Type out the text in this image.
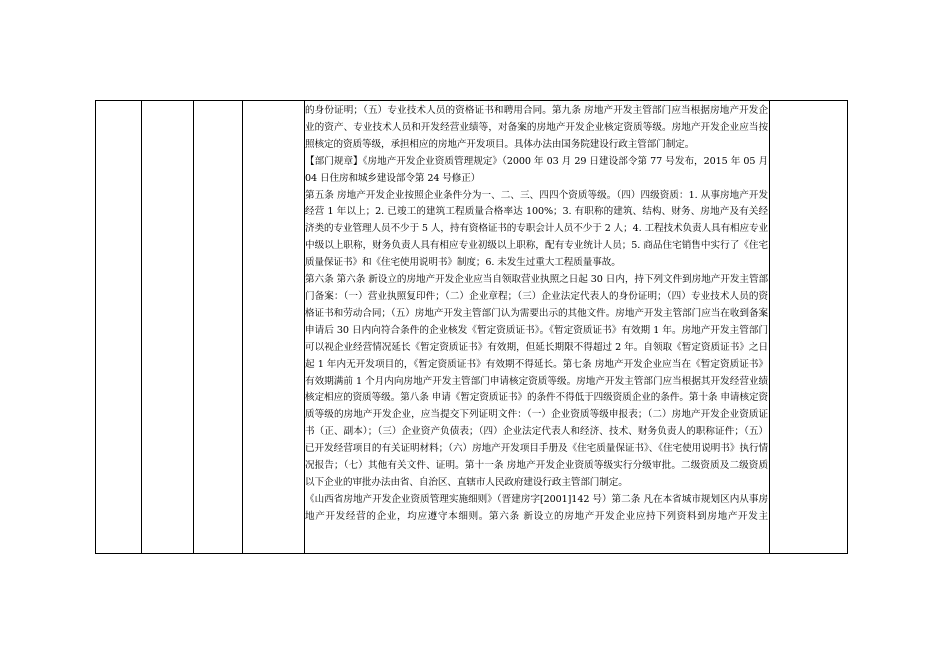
的身份证明；（五）专业技术人员的资格证书和聘用合同。第九条 房地产开发主管部门应当根据房地产开发企业的资产、专业技术人员和开发经营业绩等，对备案的房地产开发企业核定资质等级。房地产开发企业应当按照核定的资质等级，承担相应的房地产开发项目。具体办法由国务院建设行政主管部门制定。

【部门规章】《房地产开发企业资质管理规定》（2000 年 03 月 29 日建设部令第 77 号发布，2015 年 05 月 04 日住房和城乡建设部令第 24 号修正）

第五条 房地产开发企业按照企业条件分为一、二、三、四四个资质等级。（四）四级资质：1. 从事房地产开发经营 1 年以上；2. 已竣工的建筑工程质量合格率达 100%；3. 有职称的建筑、结构、财务、房地产及有关经济类的专业管理人员不少于 5 人，持有资格证书的专职会计人员不少于 2 人；4. 工程技术负责人具有相应专业中级以上职称，财务负责人具有相应专业初级以上职称，配有专业统计人员；5. 商品住宅销售中实行了《住宅质量保证书》和《住宅使用说明书》制度；6. 未发生过重大工程质量事故。

第六条 第六条 新设立的房地产开发企业应当自领取营业执照之日起 30 日内，持下列文件到房地产开发主管部门备案：（一）营业执照复印件；（二）企业章程；（三）企业法定代表人的身份证明；（四）专业技术人员的资格证书和劳动合同；（五）房地产开发主管部门认为需要出示的其他文件。房地产开发主管部门应当在收到备案申请后 30 日内向符合条件的企业核发《暂定资质证书》。《暂定资质证书》有效期 1 年。房地产开发主管部门可以视企业经营情况延长《暂定资质证书》有效期，但延长期限不得超过 2 年。自领取《暂定资质证书》之日起 1 年内无开发项目的，《暂定资质证书》有效期不得延长。第七条 房地产开发企业应当在《暂定资质证书》有效期满前 1 个月内向房地产开发主管部门申请核定资质等级。房地产开发主管部门应当根据其开发经营业绩核定相应的资质等级。第八条 申请《暂定资质证书》的条件不得低于四级资质企业的条件。第十条 申请核定资质等级的房地产开发企业，应当提交下列证明文件：（一）企业资质等级申报表；（二）房地产开发企业资质证书（正、副本）；（三）企业资产负债表；（四）企业法定代表人和经济、技术、财务负责人的职称证件；（五）已开发经营项目的有关证明材料；（六）房地产开发项目手册及《住宅质量保证书》、《住宅使用说明书》执行情况报告；（七）其他有关文件、证明。第十一条 房地产开发企业资质等级实行分级审批。二级资质及二级资质以下企业的审批办法由省、自治区、直辖市人民政府建设行政主管部门制定。

《山西省房地产开发企业资质管理实施细则》（晋建房字[2001]142 号）第二条 凡在本省城市规划区内从事房地产开发经营的企业，均应遵守本细则。第六条 新设立的房地产开发企业应持下列资料到房地产开发主
